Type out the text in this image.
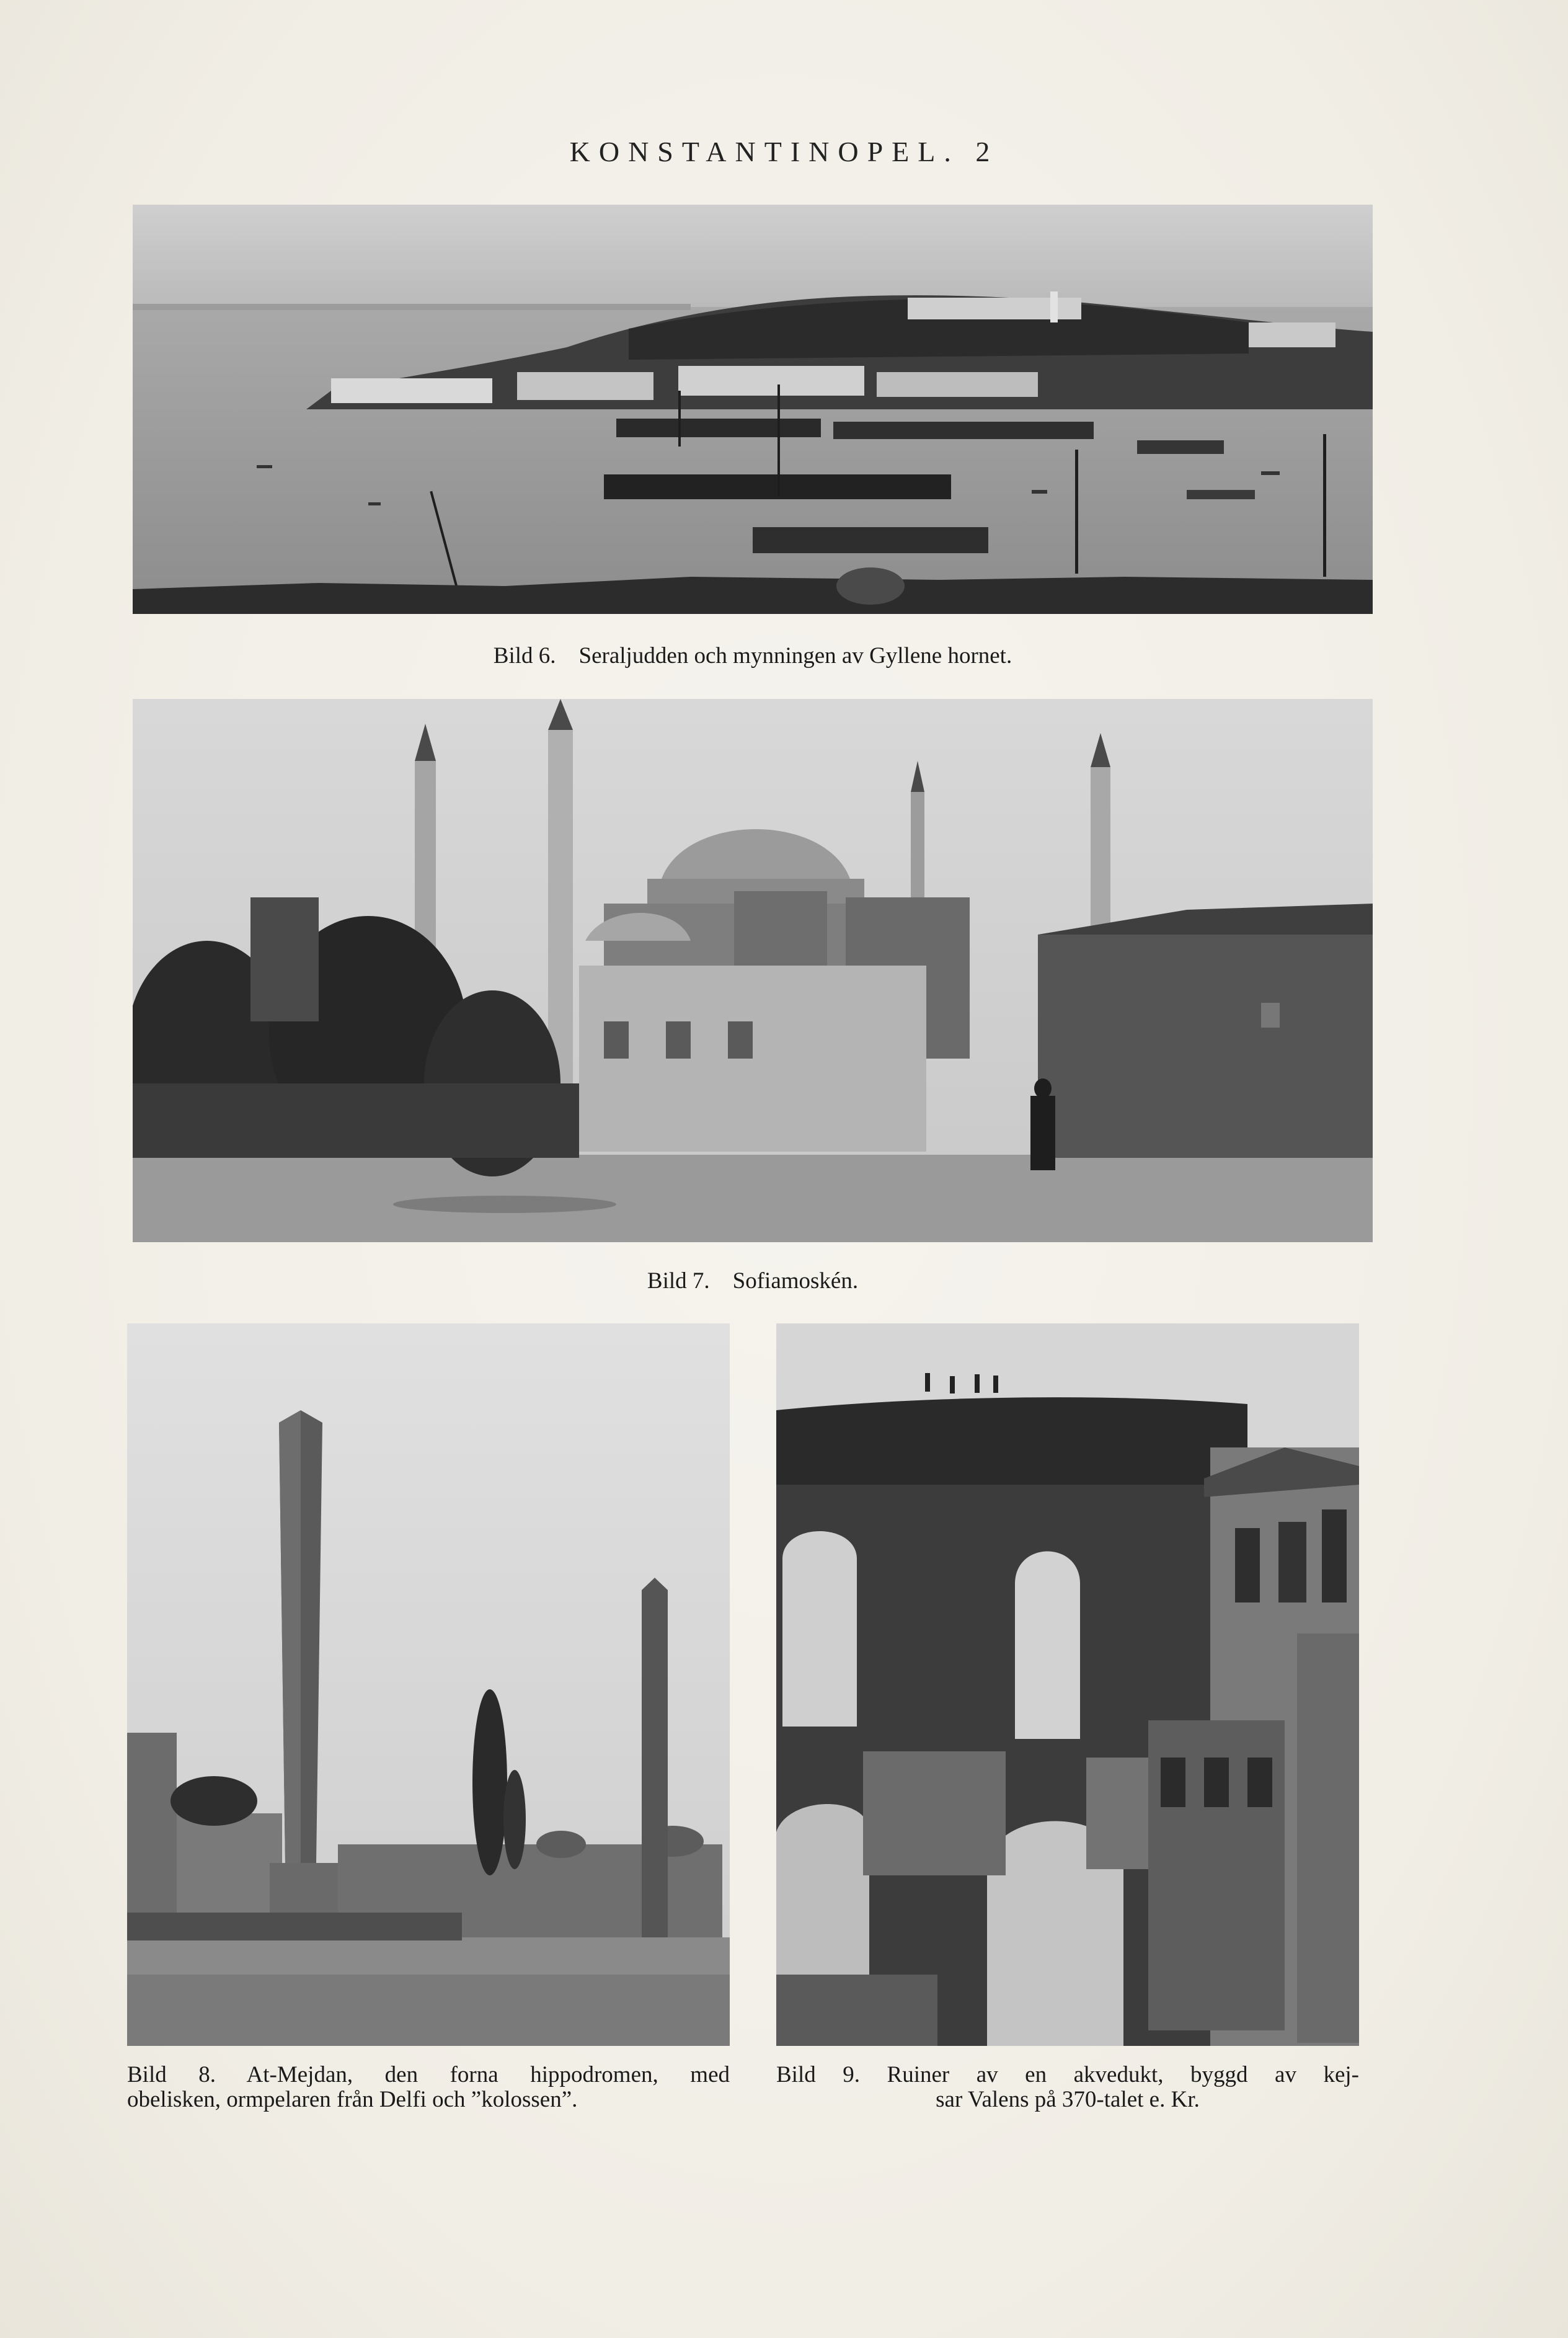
KONSTANTINOPEL. 2
Bild 6. Seraljudden och mynningen av Gyllene hornet.
Bild 7. Sofiamoskén.
Bild 8. At-Mejdan, den forna hippodromen, med
obelisken, ormpelaren från Delfi och ”kolossen”.
Bild 9. Ruiner av en akvedukt, byggd av kej-
sar Valens på 370-talet e. Kr.
